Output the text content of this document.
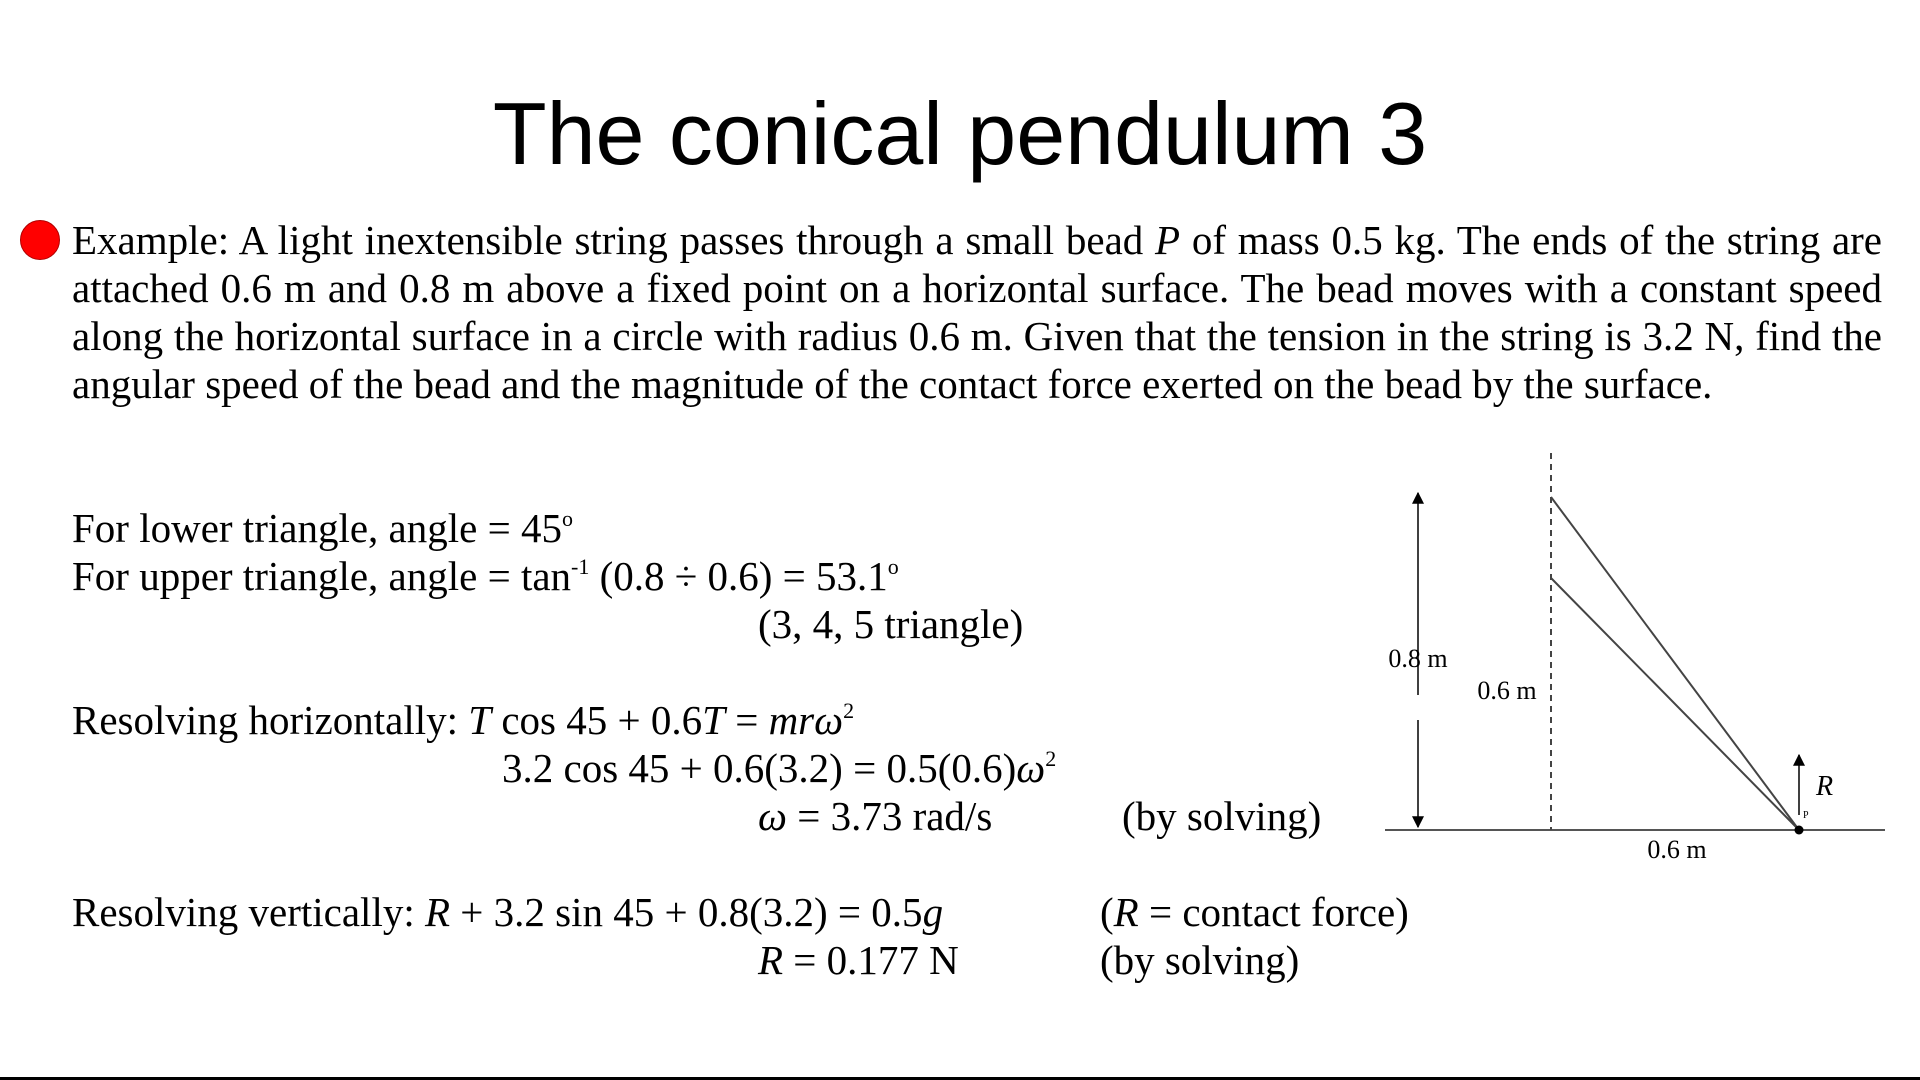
The conical pendulum 3
Example: A light inextensible string passes through a small bead P of mass 0.5 kg. The ends of the string are attached 0.6 m and 0.8 m above a fixed point on a horizontal surface. The bead moves with a constant speed along the horizontal surface in a circle with radius 0.6 m. Given that the tension in the string is 3.2 N, find the angular speed of the bead and the magnitude of the contact force exerted on the bead by the surface.
For lower triangle, angle = $45^o$
For upper triangle, angle = $\tan^{-1} (0.8 \div 0.6) = 53.1^o$
(3, 4, 5 triangle)
Resolving horizontally: T cos 45 + 0.6T = mrω$^2$
3.2 $\cos 45 + 0.6(3.2) = 0.5(0.6)\omega^2$
ω = 3.73 rad/s	(by solving)
Resolving vertically: R + 3.2 sin 45 + 0.8(3.2) = 0.5g	(R = contact force)
R = 0.177 N	(by solving)
0.8 m
0.6 m
0.6 m
R
P
